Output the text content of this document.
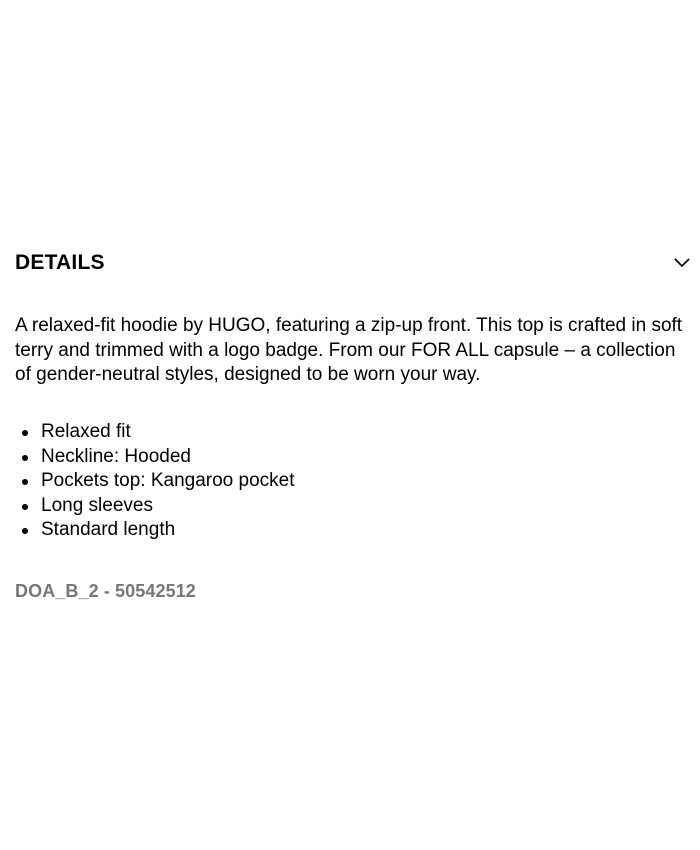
DETAILS

A relaxed-fit hoodie by HUGO, featuring a zip-up front. This top is crafted in soft terry and trimmed with a logo badge. From our FOR ALL capsule – a collection of gender-neutral styles, designed to be worn your way.

Relaxed fit
Neckline: Hooded
Pockets top: Kangaroo pocket
Long sleeves
Standard length
DOA_B_2 - 50542512
